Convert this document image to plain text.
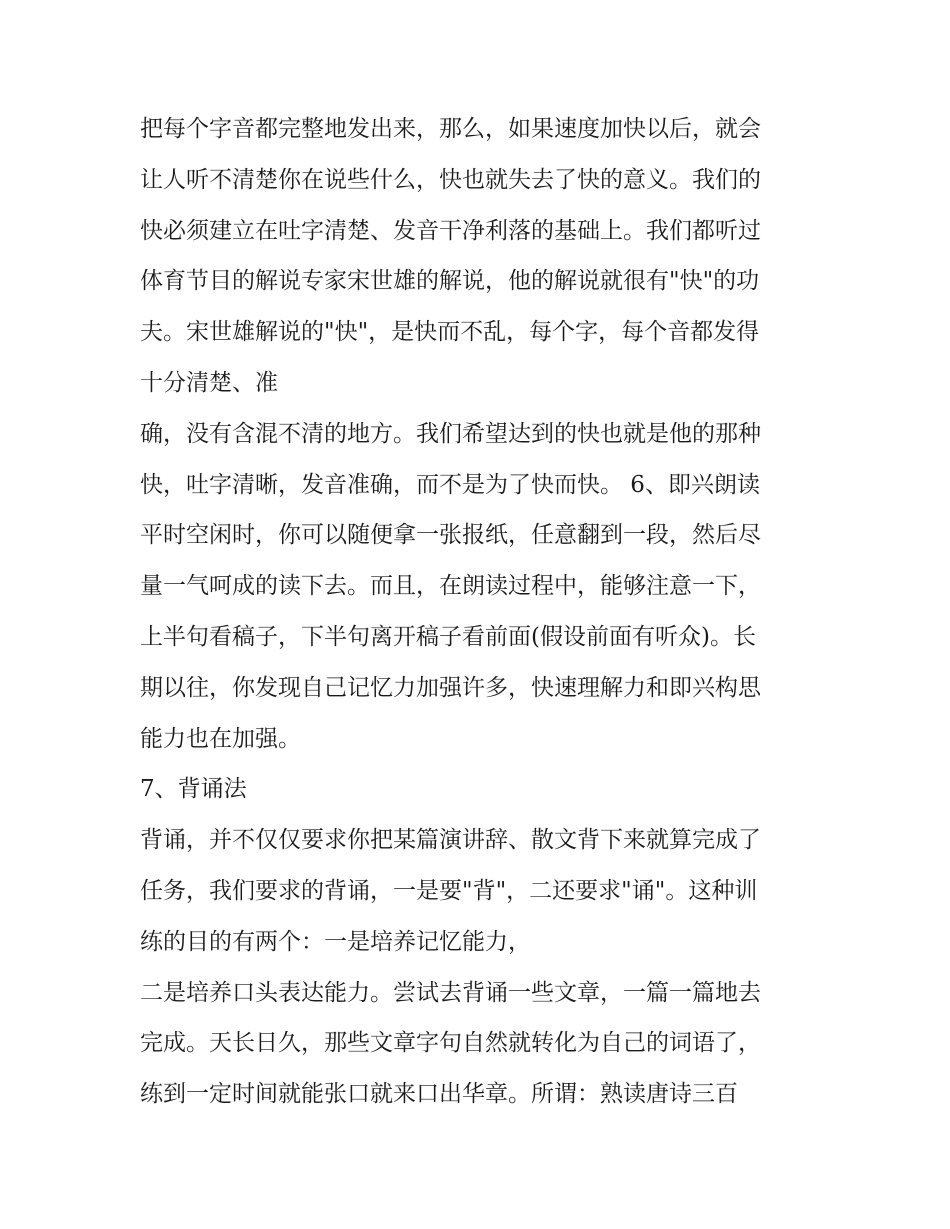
把每个字音都完整地发出来，那么，如果速度加快以后，就会
让人听不清楚你在说些什么，快也就失去了快的意义。我们的
快必须建立在吐字清楚、发音干净利落的基础上。我们都听过
体育节目的解说专家宋世雄的解说，他的解说就很有"快"的功
夫。宋世雄解说的"快"，是快而不乱，每个字，每个音都发得
十分清楚、准
确，没有含混不清的地方。我们希望达到的快也就是他的那种
快，吐字清晰，发音准确，而不是为了快而快。 6、即兴朗读
平时空闲时，你可以随便拿一张报纸，任意翻到一段，然后尽
量一气呵成的读下去。而且，在朗读过程中，能够注意一下，
上半句看稿子，下半句离开稿子看前面(假设前面有听众)。长
期以往，你发现自己记忆力加强许多，快速理解力和即兴构思
能力也在加强。
7、背诵法
背诵，并不仅仅要求你把某篇演讲辞、散文背下来就算完成了
任务，我们要求的背诵，一是要"背"，二还要求"诵"。这种训
练的目的有两个：一是培养记忆能力，
二是培养口头表达能力。尝试去背诵一些文章，一篇一篇地去
完成。天长日久，那些文章字句自然就转化为自己的词语了，
练到一定时间就能张口就来口出华章。所谓：熟读唐诗三百
